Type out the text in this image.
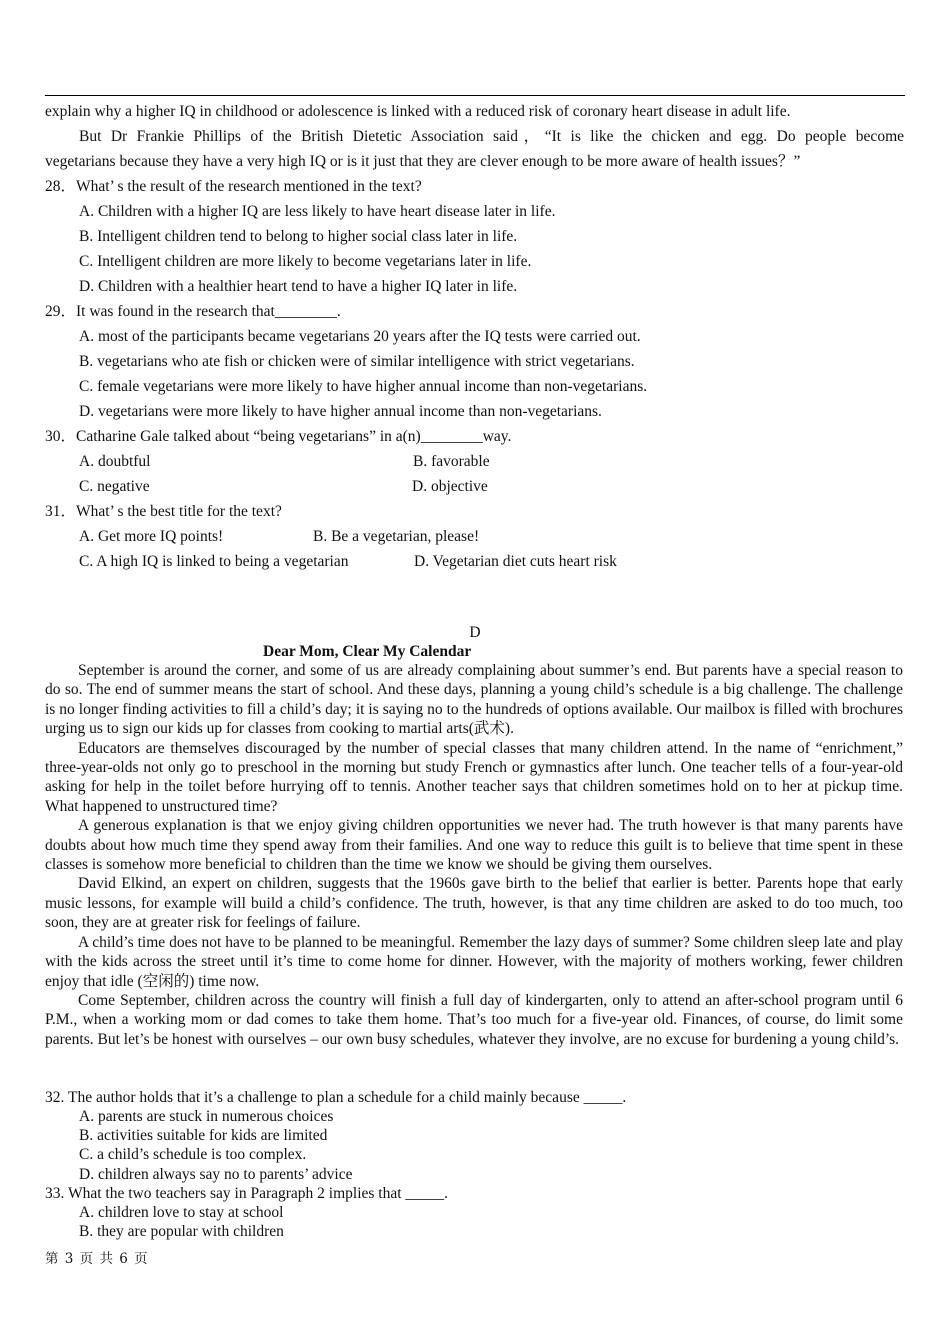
explain why a higher IQ in childhood or adolescence is linked with a reduced risk of coronary heart disease in adult life.
But Dr Frankie Phillips of the British Dietetic Association said，“It is like the chicken and egg. Do people become
vegetarians because they have a very high IQ or is it just that they are clever enough to be more aware of health issues？”
28．What’ s the result of the research mentioned in the text?
A. Children with a higher IQ are less likely to have heart disease later in life.
B. Intelligent children tend to belong to higher social class later in life.
C. Intelligent children are more likely to become vegetarians later in life.
D. Children with a healthier heart tend to have a higher IQ later in life.
29．It was found in the research that________.
A. most of the participants became vegetarians 20 years after the IQ tests were carried out.
B. vegetarians who ate fish or chicken were of similar intelligence with strict vegetarians.
C. female vegetarians were more likely to have higher annual income than non-vegetarians.
D. vegetarians were more likely to have higher annual income than non-vegetarians.
30．Catharine Gale talked about “being vegetarians” in a(n)________way.
A. doubtful	B. favorable
C. negative	D. objective
31．What’ s the best title for the text?
A. Get more IQ points!	B. Be a vegetarian, please!
C. A high IQ is linked to being a vegetarian	D. Vegetarian diet cuts heart risk
D
Dear Mom, Clear My Calendar

September is around the corner, and some of us are already complaining about summer’s end. But parents have a special reason to do so. The end of summer means the start of school. And these days, planning a young child’s schedule is a big challenge. The challenge is no longer finding activities to fill a child’s day; it is saying no to the hundreds of options available. Our mailbox is filled with brochures urging us to sign our kids up for classes from cooking to martial arts(武术).

Educators are themselves discouraged by the number of special classes that many children attend. In the name of “enrichment,” three-year-olds not only go to preschool in the morning but study French or gymnastics after lunch. One teacher tells of a four-year-old asking for help in the toilet before hurrying off to tennis. Another teacher says that children sometimes hold on to her at pickup time. What happened to unstructured time?

A generous explanation is that we enjoy giving children opportunities we never had. The truth however is that many parents have doubts about how much time they spend away from their families. And one way to reduce this guilt is to believe that time spent in these classes is somehow more beneficial to children than the time we know we should be giving them ourselves.

David Elkind, an expert on children, suggests that the 1960s gave birth to the belief that earlier is better. Parents hope that early music lessons, for example will build a child’s confidence. The truth, however, is that any time children are asked to do too much, too soon, they are at greater risk for feelings of failure.

A child’s time does not have to be planned to be meaningful. Remember the lazy days of summer? Some children sleep late and play with the kids across the street until it’s time to come home for dinner. However, with the majority of mothers working, fewer children enjoy that idle (空闲的) time now.

Come September, children across the country will finish a full day of kindergarten, only to attend an after-school program until 6 P.M., when a working mom or dad comes to take them home. That’s too much for a five-year old. Finances, of course, do limit some parents. But let’s be honest with ourselves – our own busy schedules, whatever they involve, are no excuse for burdening a young child’s.

32. The author holds that it’s a challenge to plan a schedule for a child mainly because _____.
A. parents are stuck in numerous choices
B. activities suitable for kids are limited
C. a child’s schedule is too complex.
D. children always say no to parents’ advice
33. What the two teachers say in Paragraph 2 implies that _____.
A. children love to stay at school
B. they are popular with children
第 3 页 共 6 页
